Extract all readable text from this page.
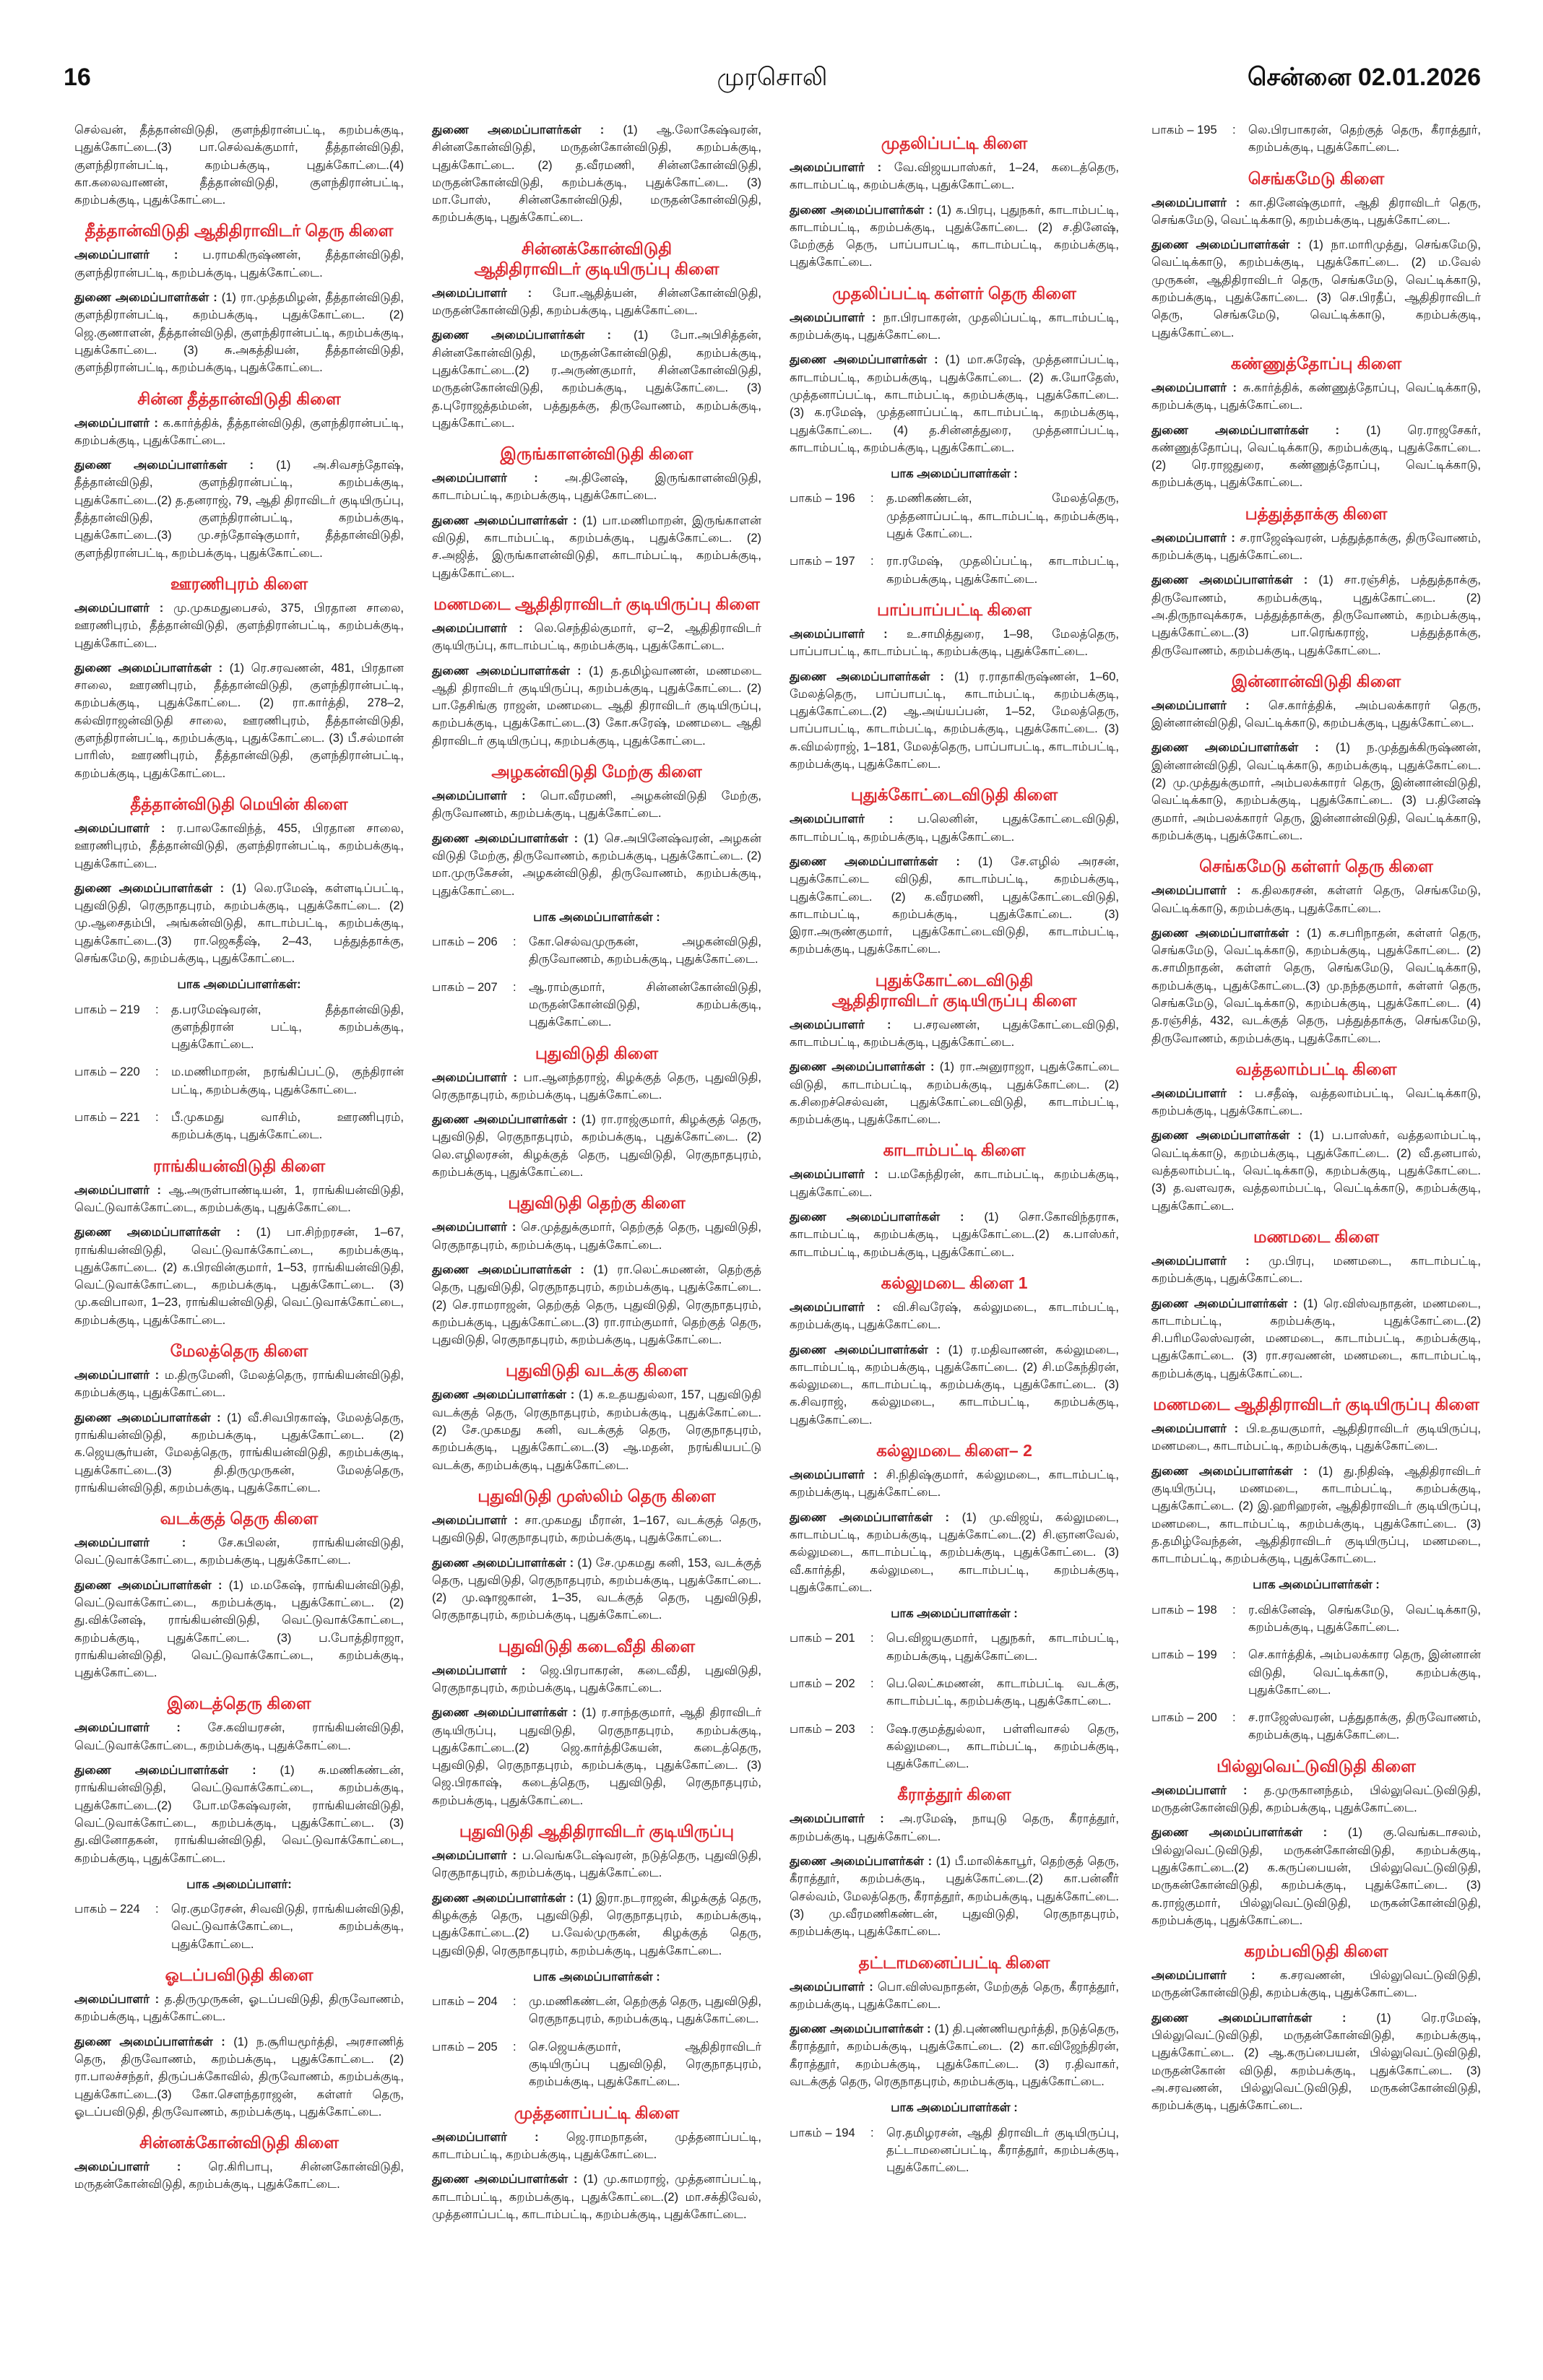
16	முரசொலி	சென்னை 02.01.2026
செல்வன், தீத்தான்விடுதி, குளந்திரான்பட்டி, கறம்பக்குடி, புதுக்கோட்டை.(3) பா.செல்வக்குமார், தீத்தான்விடுதி, குளந்திரான்பட்டி, கறம்பக்குடி, புதுக்கோட்டை.(4) கா.கலைவாணன், தீத்தான்விடுதி, குளந்திரான்பட்டி, கறம்பக்குடி, புதுக்கோட்டை.
தீத்தான்விடுதி ஆதிதிராவிடர் தெரு கிளை
அமைப்பாளர் : ப.ராமகிருஷ்ணன், தீத்தான்விடுதி, குளந்திரான்பட்டி, கறம்பக்குடி, புதுக்கோட்டை.
துணை அமைப்பாளர்கள் : (1) ரா.முத்தமிழன், தீத்தான்விடுதி, குளந்திரான்பட்டி, கறம்பக்குடி, புதுக்கோட்டை. (2) ஜெ.குணாளன், தீத்தான்விடுதி, குளந்திரான்பட்டி, கறம்பக்குடி, புதுக்கோட்டை. (3) சு.அகத்தியன், தீத்தான்விடுதி, குளந்திரான்பட்டி, கறம்பக்குடி, புதுக்கோட்டை.
சின்ன தீத்தான்விடுதி கிளை
அமைப்பாளர் : க.கார்த்திக், தீத்தான்விடுதி, குளந்திரான்பட்டி, கறம்பக்குடி, புதுக்கோட்டை.
துணை அமைப்பாளர்கள் : (1) அ.சிவசந்தோஷ், தீத்தான்விடுதி, குளந்திரான்பட்டி, கறம்பக்குடி, புதுக்கோட்டை.(2) த.தனராஜ், 79, ஆதி திராவிடர் குடியிருப்பு, தீத்தான்விடுதி, குளந்திரான்பட்டி, கறம்பக்குடி, புதுக்கோட்டை.(3) மு.சந்தோஷ்குமார், தீத்தான்விடுதி, குளந்திரான்பட்டி, கறம்பக்குடி, புதுக்கோட்டை.
ஊரணிபுரம் கிளை
அமைப்பாளர் : மு.முகமதுபைசல், 375, பிரதான சாலை, ஊரணிபுரம், தீத்தான்விடுதி, குளந்திரான்பட்டி, கறம்பக்குடி, புதுக்கோட்டை.
துணை அமைப்பாளர்கள் : (1) ரெ.சரவணன், 481, பிரதான சாலை, ஊரணிபுரம், தீத்தான்விடுதி, குளந்திரான்பட்டி, கறம்பக்குடி, புதுக்கோட்டை. (2) ரா.கார்த்தி, 278–2, கல்விராஜன்விடுதி சாலை, ஊரணிபுரம், தீத்தான்விடுதி, குளந்திரான்பட்டி, கறம்பக்குடி, புதுக்கோட்டை. (3) பீ.சல்மான் பாரிஸ், ஊரணிபுரம், தீத்தான்விடுதி, குளந்திரான்பட்டி, கறம்பக்குடி, புதுக்கோட்டை.
தீத்தான்விடுதி மெயின் கிளை
அமைப்பாளர் : ர.பாலகோவிந்த், 455, பிரதான சாலை, ஊரணிபுரம், தீத்தான்விடுதி, குளந்திரான்பட்டி, கறம்பக்குடி, புதுக்கோட்டை.
துணை அமைப்பாளர்கள் : (1) லெ.ரமேஷ், கள்ளடிப்பட்டி, புதுவிடுதி, ரெகுநாதபுரம், கறம்பக்குடி, புதுக்கோட்டை. (2) மு.ஆசைதம்பி, அங்கன்விடுதி, காடாம்பட்டி, கறம்பக்குடி, புதுக்கோட்டை.(3) ரா.ஜெகதீஷ், 2–43, பத்துத்தாக்கு, செங்கமேடு, கறம்பக்குடி, புதுக்கோட்டை.
பாக அமைப்பாளர்கள்:
பாகம் – 219	:	த.பரமேஷ்வரன், தீத்தான்விடுதி, குளந்திரான் பட்டி, கறம்பக்குடி, புதுக்கோட்டை.
பாகம் – 220	:	ம.மணிமாறன், நரங்கிப்பட்டு, குந்திரான் பட்டி, கறம்பக்குடி, புதுக்கோட்டை.
பாகம் – 221	:	பீ.முகமது வாசிம், ஊரணிபுரம், கறம்பக்குடி, புதுக்கோட்டை.
ராங்கியன்விடுதி கிளை
அமைப்பாளர் : ஆ.அருள்பாண்டியன், 1, ராங்கியன்விடுதி, வெட்டுவாக்கோட்டை, கறம்பக்குடி, புதுக்கோட்டை.
துணை அமைப்பாளர்கள் : (1) பா.சிற்றரசன், 1–67, ராங்கியன்விடுதி, வெட்டுவாக்கோட்டை, கறம்பக்குடி, புதுக்கோட்டை. (2) க.பிரவின்குமார், 1–53, ராங்கியன்விடுதி, வெட்டுவாக்கோட்டை, கறம்பக்குடி, புதுக்கோட்டை. (3) மு.கவிபாலா, 1–23, ராங்கியன்விடுதி, வெட்டுவாக்கோட்டை, கறம்பக்குடி, புதுக்கோட்டை.
மேலத்தெரு கிளை
அமைப்பாளர் : ம.திருமேனி, மேலத்தெரு, ராங்கியன்விடுதி, கறம்பக்குடி, புதுக்கோட்டை.
துணை அமைப்பாளர்கள் : (1) வீ.சிவபிரகாஷ், மேலத்தெரு, ராங்கியன்விடுதி, கறம்பக்குடி, புதுக்கோட்டை. (2) க.ஜெயசூர்யன், மேலத்தெரு, ராங்கியன்விடுதி, கறம்பக்குடி, புதுக்கோட்டை.(3) தி.திருமுருகன், மேலத்தெரு, ராங்கியன்விடுதி, கறம்பக்குடி, புதுக்கோட்டை.
வடக்குத் தெரு கிளை
அமைப்பாளர் :	சே.கபிலன், ராங்கியன்விடுதி, வெட்டுவாக்கோட்டை, கறம்பக்குடி, புதுக்கோட்டை.
துணை அமைப்பாளர்கள் : (1) ம.மகேஷ், ராங்கியன்விடுதி, வெட்டுவாக்கோட்டை, கறம்பக்குடி, புதுக்கோட்டை. (2) து.விக்னேஷ், ராங்கியன்விடுதி, வெட்டுவாக்கோட்டை, கறம்பக்குடி, புதுக்கோட்டை. (3) ப.போத்திராஜா, ராங்கியன்விடுதி, வெட்டுவாக்கோட்டை, கறம்பக்குடி, புதுக்கோட்டை.
இடைத்தெரு கிளை
அமைப்பாளர் : சே.கவியரசன், ராங்கியன்விடுதி, வெட்டுவாக்கோட்டை, கறம்பக்குடி, புதுக்கோட்டை.
துணை அமைப்பாளர்கள் : (1) சு.மணிகண்டன், ராங்கியன்விடுதி, வெட்டுவாக்கோட்டை, கறம்பக்குடி, புதுக்கோட்டை.(2) போ.மகேஷ்வரன், ராங்கியன்விடுதி, வெட்டுவாக்கோட்டை, கறம்பக்குடி, புதுக்கோட்டை. (3) து.வினோதகன், ராங்கியன்விடுதி, வெட்டுவாக்கோட்டை, கறம்பக்குடி, புதுக்கோட்டை.
பாக அமைப்பாளர்:
பாகம் – 224	:	ரெ.குமரேசன், சிவவிடுதி, ராங்கியன்விடுதி, வெட்டுவாக்கோட்டை, கறம்பக்குடி, புதுக்கோட்டை.
ஓடப்பவிடுதி கிளை
அமைப்பாளர் : த.திருமுருகன், ஓடப்பவிடுதி, திருவோணம், கறம்பக்குடி, புதுக்கோட்டை.
துணை அமைப்பாளர்கள் : (1) ந.சூரியமூர்த்தி, அரசாணித் தெரு, திருவோணம், கறம்பக்குடி, புதுக்கோட்டை. (2) ரா.பாலச்சந்தர், திருப்பக்கோவில், திருவோணம், கறம்பக்குடி, புதுக்கோட்டை.(3) கோ.சௌந்தராஜன், கள்ளர் தெரு, ஓடப்பவிடுதி, திருவோணம், கறம்பக்குடி, புதுக்கோட்டை.
சின்னக்கோன்விடுதி கிளை
அமைப்பாளர் : ரெ.கிரிபாபு, சின்னகோன்விடுதி, மருதன்கோன்விடுதி, கறம்பக்குடி, புதுக்கோட்டை.
துணை அமைப்பாளர்கள் : (1) ஆ.லோகேஷ்வரன், சின்னகோன்விடுதி, மருதன்கோன்விடுதி, கறம்பக்குடி, புதுக்கோட்டை. (2) த.வீரமணி, சின்னகோன்விடுதி, மருதன்கோன்விடுதி, கறம்பக்குடி, புதுக்கோட்டை. (3) மா.போஸ், சின்னகோன்விடுதி, மருதன்கோன்விடுதி, கறம்பக்குடி, புதுக்கோட்டை.
சின்னக்கோன்விடுதி
ஆதிதிராவிடர் குடியிருப்பு கிளை
அமைப்பாளர் : போ.ஆதித்யன், சின்னகோன்விடுதி, மருதன்கோன்விடுதி, கறம்பக்குடி, புதுக்கோட்டை.
துணை அமைப்பாளர்கள் : (1) போ.அபிசித்தன், சின்னகோன்விடுதி, மருதன்கோன்விடுதி, கறம்பக்குடி, புதுக்கோட்டை.(2) ர.அருண்குமார், சின்னகோன்விடுதி, மருதன்கோன்விடுதி, கறம்பக்குடி, புதுக்கோட்டை. (3) த.புரோஜத்தம்மன், பத்துதக்கு, திருவோணம், கறம்பக்குடி, புதுக்கோட்டை.
இருங்காளன்விடுதி கிளை
அமைப்பாளர் : அ.தினேஷ், இருங்காளன்விடுதி, காடாம்பட்டி, கறம்பக்குடி, புதுக்கோட்டை.
துணை அமைப்பாளர்கள் : (1) பா.மணிமாறன், இருங்காளன் விடுதி, காடாம்பட்டி, கறம்பக்குடி, புதுக்கோட்டை. (2) ச.அஜித், இருங்காளன்விடுதி, காடாம்பட்டி, கறம்பக்குடி, புதுக்கோட்டை.
மணமடை ஆதிதிராவிடர் குடியிருப்பு கிளை
அமைப்பாளர் : லெ.செந்தில்குமார், ஏ–2, ஆதிதிராவிடர் குடியிருப்பு, காடாம்பட்டி, கறம்பக்குடி, புதுக்கோட்டை.
துணை அமைப்பாளர்கள் : (1) த.தமிழ்வாணன், மணமடை ஆதி திராவிடர் குடியிருப்பு, கறம்பக்குடி, புதுக்கோட்டை. (2) பா.தேசிங்கு ராஜன், மணமடை ஆதி திராவிடர் குடியிருப்பு, கறம்பக்குடி, புதுக்கோட்டை.(3) கோ.சுரேஷ், மணமடை ஆதி திராவிடர் குடியிருப்பு, கறம்பக்குடி, புதுக்கோட்டை.
அழகன்விடுதி மேற்கு கிளை
அமைப்பாளர் : பொ.வீரமணி, அழகன்விடுதி மேற்கு, திருவோணம், கறம்பக்குடி, புதுக்கோட்டை.
துணை அமைப்பாளர்கள் : (1) செ.அபினேஷ்வரன், அழகன் விடுதி மேற்கு, திருவோணம், கறம்பக்குடி, புதுக்கோட்டை. (2) மா.முருகேசன், அழகன்விடுதி, திருவோணம், கறம்பக்குடி, புதுக்கோட்டை.
பாக அமைப்பாளர்கள் :
பாகம் – 206	:	கோ.செல்வமுருகன், அழகன்விடுதி, திருவோணம், கறம்பக்குடி, புதுக்கோட்டை.
பாகம் – 207	:	ஆ.ராம்குமார், சின்னன்கோன்விடுதி, மருதன்கோன்விடுதி, கறம்பக்குடி, புதுக்கோட்டை.
புதுவிடுதி கிளை
அமைப்பாளர் : பா.ஆனந்தராஜ், கிழக்குத் தெரு, புதுவிடுதி, ரெகுநாதபுரம், கறம்பக்குடி, புதுக்கோட்டை.
துணை அமைப்பாளர்கள் : (1) ரா.ராஜ்குமார், கிழக்குத் தெரு, புதுவிடுதி, ரெகுநாதபுரம், கறம்பக்குடி, புதுக்கோட்டை. (2) லெ.எழிலரசன், கிழக்குத் தெரு, புதுவிடுதி, ரெகுநாதபுரம், கறம்பக்குடி, புதுக்கோட்டை.
புதுவிடுதி தெற்கு கிளை
அமைப்பாளர் : செ.முத்துக்குமார், தெற்குத் தெரு, புதுவிடுதி, ரெகுநாதபுரம், கறம்பக்குடி, புதுக்கோட்டை.
துணை அமைப்பாளர்கள் : (1) ரா.லெட்சுமணன், தெற்குத் தெரு, புதுவிடுதி, ரெகுநாதபுரம், கறம்பக்குடி, புதுக்கோட்டை. (2) செ.ராமராஜன், தெற்குத் தெரு, புதுவிடுதி, ரெகுநாதபுரம், கறம்பக்குடி, புதுக்கோட்டை.(3) ரா.ராம்குமார், தெற்குத் தெரு, புதுவிடுதி, ரெகுநாதபுரம், கறம்பக்குடி, புதுக்கோட்டை.
புதுவிடுதி வடக்கு கிளை
துணை அமைப்பாளர்கள் : (1) க.உதயதுல்லா, 157, புதுவிடுதி வடக்குத் தெரு, ரெகுநாதபுரம், கறம்பக்குடி, புதுக்கோட்டை. (2) சே.முகமது கனி, வடக்குத் தெரு, ரெகுநாதபுரம், கறம்பக்குடி, புதுக்கோட்டை.(3) ஆ.மதன், நரங்கியபட்டு வடக்கு, கறம்பக்குடி, புதுக்கோட்டை.
புதுவிடுதி முஸ்லிம் தெரு கிளை
அமைப்பாளர் : சா.முகமது மீரான், 1–167, வடக்குத் தெரு, புதுவிடுதி, ரெகுநாதபுரம், கறம்பக்குடி, புதுக்கோட்டை.
துணை அமைப்பாளர்கள் : (1) சே.முகமது கனி, 153, வடக்குத் தெரு, புதுவிடுதி, ரெகுநாதபுரம், கறம்பக்குடி, புதுக்கோட்டை. (2) மு.ஷாஜகான், 1–35, வடக்குத் தெரு, புதுவிடுதி, ரெகுநாதபுரம், கறம்பக்குடி, புதுக்கோட்டை.
புதுவிடுதி கடைவீதி கிளை
அமைப்பாளர் : ஜெ.பிரபாகரன், கடைவீதி, புதுவிடுதி, ரெகுநாதபுரம், கறம்பக்குடி, புதுக்கோட்டை.
துணை அமைப்பாளர்கள் : (1) ர.சாந்தகுமார், ஆதி திராவிடர் குடியிருப்பு, புதுவிடுதி, ரெகுநாதபுரம், கறம்பக்குடி, புதுக்கோட்டை.(2) ஜெ.கார்த்திகேயன், கடைத்தெரு, புதுவிடுதி, ரெகுநாதபுரம், கறம்பக்குடி, புதுக்கோட்டை. (3) ஜெ.பிரகாஷ், கடைத்தெரு, புதுவிடுதி, ரெகுநாதபுரம், கறம்பக்குடி, புதுக்கோட்டை.
புதுவிடுதி ஆதிதிராவிடர் குடியிருப்பு
அமைப்பாளர் : ப.வெங்கடேஷ்வரன், நடுத்தெரு, புதுவிடுதி, ரெகுநாதபுரம், கறம்பக்குடி, புதுக்கோட்டை.
துணை அமைப்பாளர்கள் : (1) இரா.நடராஜன், கிழக்குத் தெரு, கிழக்குத் தெரு, புதுவிடுதி, ரெகுநாதபுரம், கறம்பக்குடி, புதுக்கோட்டை.(2) ப.வேல்முருகன், கிழக்குத் தெரு, புதுவிடுதி, ரெகுநாதபுரம், கறம்பக்குடி, புதுக்கோட்டை.
பாக அமைப்பாளர்கள் :
பாகம் – 204	:	மு.மணிகண்டன், தெற்குத் தெரு, புதுவிடுதி, ரெகுநாதபுரம், கறம்பக்குடி, புதுக்கோட்டை.
பாகம் – 205	:	செ.ஜெயக்குமார், ஆதிதிராவிடர் குடியிருப்பு புதுவிடுதி, ரெகுநாதபுரம், கறம்பக்குடி, புதுக்கோட்டை.
முத்தனாப்பட்டி கிளை
அமைப்பாளர் : ஜெ.ராமநாதன், முத்தனாப்பட்டி, காடாம்பட்டி, கறம்பக்குடி, புதுக்கோட்டை.
துணை அமைப்பாளர்கள் : (1) மு.காமராஜ், முத்தனாப்பட்டி, காடாம்பட்டி, கறம்பக்குடி, புதுக்கோட்டை.(2) மா.சக்திவேல், முத்தனாப்பட்டி, காடாம்பட்டி, கறம்பக்குடி, புதுக்கோட்டை.
முதலிப்பட்டி கிளை
அமைப்பாளர் : வே.விஜயபாஸ்கர், 1–24, கடைத்தெரு, காடாம்பட்டி, கறம்பக்குடி, புதுக்கோட்டை.
துணை அமைப்பாளர்கள் : (1) க.பிரபு, புதுநகர், காடாம்பட்டி, காடாம்பட்டி, கறம்பக்குடி, புதுக்கோட்டை. (2) ச.தினேஷ், மேற்குத் தெரு, பாப்பாபட்டி, காடாம்பட்டி, கறம்பக்குடி, புதுக்கோட்டை.
முதலிப்பட்டி கள்ளர் தெரு கிளை
அமைப்பாளர் : நா.பிரபாகரன், முதலிப்பட்டி, காடாம்பட்டி, கறம்பக்குடி, புதுக்கோட்டை.
துணை அமைப்பாளர்கள் : (1) மா.சுரேஷ், முத்தனாப்பட்டி, காடாம்பட்டி, கறம்பக்குடி, புதுக்கோட்டை. (2) சு.யோதேஸ், முத்தனாப்பட்டி, காடாம்பட்டி, கறம்பக்குடி, புதுக்கோட்டை. (3) க.ரமேஷ், முத்தனாப்பட்டி, காடாம்பட்டி, கறம்பக்குடி, புதுக்கோட்டை. (4) த.சின்னத்துரை, முத்தனாப்பட்டி, காடாம்பட்டி, கறம்பக்குடி, புதுக்கோட்டை.
பாக அமைப்பாளர்கள் :
பாகம் – 196	:	த.மணிகண்டன், மேலத்தெரு, முத்தனாப்பட்டி, காடாம்பட்டி, கறம்பக்குடி, புதுக் கோட்டை.
பாகம் – 197	:	ரா.ரமேஷ், முதலிப்பட்டி, காடாம்பட்டி, கறம்பக்குடி, புதுக்கோட்டை.
பாப்பாப்பட்டி கிளை
அமைப்பாளர் : உ.சாமித்துரை, 1–98, மேலத்தெரு, பாப்பாபட்டி, காடாம்பட்டி, கறம்பக்குடி, புதுக்கோட்டை.
துணை அமைப்பாளர்கள் : (1) ர.ராதாகிருஷ்ணன், 1–60, மேலத்தெரு, பாப்பாபட்டி, காடாம்பட்டி, கறம்பக்குடி, புதுக்கோட்டை.(2) ஆ.அய்யப்பன், 1–52, மேலத்தெரு, பாப்பாபட்டி, காடாம்பட்டி, கறம்பக்குடி, புதுக்கோட்டை. (3) சு.விமல்ராஜ், 1–181, மேலத்தெரு, பாப்பாபட்டி, காடாம்பட்டி, கறம்பக்குடி, புதுக்கோட்டை.
புதுக்கோட்டைவிடுதி கிளை
அமைப்பாளர் : ப.லெனின், புதுக்கோட்டைவிடுதி, காடாம்பட்டி, கறம்பக்குடி, புதுக்கோட்டை.
துணை அமைப்பாளர்கள் : (1) சே.எழில் அரசன், புதுக்கோட்டை விடுதி, காடாம்பட்டி, கறம்பக்குடி, புதுக்கோட்டை. (2) க.வீரமணி, புதுக்கோட்டைவிடுதி, காடாம்பட்டி, கறம்பக்குடி, புதுக்கோட்டை. (3) இரா.அருண்குமார், புதுக்கோட்டைவிடுதி, காடாம்பட்டி, கறம்பக்குடி, புதுக்கோட்டை.
புதுக்கோட்டைவிடுதி
ஆதிதிராவிடர் குடியிருப்பு கிளை
அமைப்பாளர் : ப.சரவணன், புதுக்கோட்டைவிடுதி, காடாம்பட்டி, கறம்பக்குடி, புதுக்கோட்டை.
துணை அமைப்பாளர்கள் : (1) ரா.அனுராஜா, புதுக்கோட்டை விடுதி, காடாம்பட்டி, கறம்பக்குடி, புதுக்கோட்டை. (2) க.சிறைச்செல்வன், புதுக்கோட்டைவிடுதி, காடாம்பட்டி, கறம்பக்குடி, புதுக்கோட்டை.
காடாம்பட்டி கிளை
அமைப்பாளர் : ப.மகேந்திரன், காடாம்பட்டி, கறம்பக்குடி, புதுக்கோட்டை.
துணை அமைப்பாளர்கள் : (1) சொ.கோவிந்தராசு, காடாம்பட்டி, கறம்பக்குடி, புதுக்கோட்டை.(2) க.பாஸ்கர், காடாம்பட்டி, கறம்பக்குடி, புதுக்கோட்டை.
கல்லுமடை கிளை 1
அமைப்பாளர் : வி.சிவரேஷ், கல்லுமடை, காடாம்பட்டி, கறம்பக்குடி, புதுக்கோட்டை.
துணை அமைப்பாளர்கள் : (1) ர.மதிவாணன், கல்லுமடை, காடாம்பட்டி, கறம்பக்குடி, புதுக்கோட்டை. (2) சி.மகேந்திரன், கல்லுமடை, காடாம்பட்டி, கறம்பக்குடி, புதுக்கோட்டை. (3) க.சிவராஜ், கல்லுமடை, காடாம்பட்டி, கறம்பக்குடி, புதுக்கோட்டை.
கல்லுமடை கிளை– 2
அமைப்பாளர் : சி.நிதிஷ்குமார், கல்லுமடை, காடாம்பட்டி, கறம்பக்குடி, புதுக்கோட்டை.
துணை அமைப்பாளர்கள் : (1) மு.விஜய், கல்லுமடை, காடாம்பட்டி, கறம்பக்குடி, புதுக்கோட்டை.(2) சி.ஞானவேல், கல்லுமடை, காடாம்பட்டி, கறம்பக்குடி, புதுக்கோட்டை. (3) வீ.கார்த்தி, கல்லுமடை, காடாம்பட்டி, கறம்பக்குடி, புதுக்கோட்டை.
பாக அமைப்பாளர்கள் :
பாகம் – 201	:	பெ.விஜயகுமார், புதுநகர், காடாம்பட்டி, கறம்பக்குடி, புதுக்கோட்டை.
பாகம் – 202	:	பெ.லெட்சுமணன், காடாம்பட்டி வடக்கு, காடாம்பட்டி, கறம்பக்குடி, புதுக்கோட்டை.
பாகம் – 203	:	ஷே.ரகுமத்துல்லா, பள்ளிவாசல் தெரு, கல்லுமடை, காடாம்பட்டி, கறம்பக்குடி, புதுக்கோட்டை.
கீராத்தூர் கிளை
அமைப்பாளர் : அ.ரமேஷ், நாயுடு தெரு, கீராத்தூர், கறம்பக்குடி, புதுக்கோட்டை.
துணை அமைப்பாளர்கள் : (1) பீ.மாலிக்காபூர், தெற்குத் தெரு, கீராத்தூர், கறம்பக்குடி, புதுக்கோட்டை.(2) கா.பன்னீர் செல்வம், மேலத்தெரு, கீராத்தூர், கறம்பக்குடி, புதுக்கோட்டை. (3) மு.வீரமணிகண்டன், புதுவிடுதி, ரெகுநாதபுரம், கறம்பக்குடி, புதுக்கோட்டை.
தட்டாமனைப்பட்டி கிளை
அமைப்பாளர் : பொ.விஸ்வநாதன், மேற்குத் தெரு, கீராத்தூர், கறம்பக்குடி, புதுக்கோட்டை.
துணை அமைப்பாளர்கள் : (1) தி.புண்ணியமூர்த்தி, நடுத்தெரு, கீராத்தூர், கறம்பக்குடி, புதுக்கோட்டை. (2) கா.விஜேந்திரன், கீராத்தூர், கறம்பக்குடி, புதுக்கோட்டை. (3) ர.திவாகர், வடக்குத் தெரு, ரெகுநாதபுரம், கறம்பக்குடி, புதுக்கோட்டை.
பாக அமைப்பாளர்கள் :
பாகம் – 194	:	ரெ.தமிழரசன், ஆதி திராவிடர் குடியிருப்பு, தட்டாமனைப்பட்டி, கீராத்தூர், கறம்பக்குடி, புதுக்கோட்டை.
பாகம் – 195	:	லெ.பிரபாகரன், தெற்குத் தெரு, கீராத்தூர், கறம்பக்குடி, புதுக்கோட்டை.
செங்கமேடு கிளை
அமைப்பாளர் : கா.தினேஷ்குமார், ஆதி திராவிடர் தெரு, செங்கமேடு, வெட்டிக்காடு, கறம்பக்குடி, புதுக்கோட்டை.
துணை அமைப்பாளர்கள் : (1) நா.மாரிமுத்து, செங்கமேடு, வெட்டிக்காடு, கறம்பக்குடி, புதுக்கோட்டை. (2) ம.வேல் முருகன், ஆதிதிராவிடர் தெரு, செங்கமேடு, வெட்டிக்காடு, கறம்பக்குடி, புதுக்கோட்டை. (3) செ.பிரதீப், ஆதிதிராவிடர் தெரு, செங்கமேடு, வெட்டிக்காடு, கறம்பக்குடி, புதுக்கோட்டை.
கண்ணுத்தோப்பு கிளை
அமைப்பாளர் : சு.கார்த்திக், கண்ணுத்தோப்பு, வெட்டிக்காடு, கறம்பக்குடி, புதுக்கோட்டை.
துணை அமைப்பாளர்கள் : (1) ரெ.ராஜசேகர், கண்ணுத்தோப்பு, வெட்டிக்காடு, கறம்பக்குடி, புதுக்கோட்டை. (2) ரெ.ராஜதுரை, கண்ணுத்தோப்பு, வெட்டிக்காடு, கறம்பக்குடி, புதுக்கோட்டை.
பத்துத்தாக்கு கிளை
அமைப்பாளர் : ச.ராஜேஷ்வரன், பத்துத்தாக்கு, திருவோணம், கறம்பக்குடி, புதுக்கோட்டை.
துணை அமைப்பாளர்கள் : (1) சா.ரஞ்சித், பத்துத்தாக்கு, திருவோணம், கறம்பக்குடி, புதுக்கோட்டை. (2) அ.திருநாவுக்கரசு, பத்துத்தாக்கு, திருவோணம், கறம்பக்குடி, புதுக்கோட்டை.(3) பா.ரெங்கராஜ், பத்துத்தாக்கு, திருவோணம், கறம்பக்குடி, புதுக்கோட்டை.
இன்னான்விடுதி கிளை
அமைப்பாளர் : செ.கார்த்திக், அம்பலக்காரர் தெரு, இன்னான்விடுதி, வெட்டிக்காடு, கறம்பக்குடி, புதுக்கோட்டை.
துணை அமைப்பாளர்கள் : (1) ந.முத்துக்கிருஷ்ணன், இன்னான்விடுதி, வெட்டிக்காடு, கறம்பக்குடி, புதுக்கோட்டை. (2) மு.முத்துக்குமார், அம்பலக்காரர் தெரு, இன்னான்விடுதி, வெட்டிக்காடு, கறம்பக்குடி, புதுக்கோட்டை. (3) ப.தினேஷ் குமார், அம்பலக்காரர் தெரு, இன்னான்விடுதி, வெட்டிக்காடு, கறம்பக்குடி, புதுக்கோட்டை.
செங்கமேடு கள்ளர் தெரு கிளை
அமைப்பாளர் : க.திலகரசன், கள்ளர் தெரு, செங்கமேடு, வெட்டிக்காடு, கறம்பக்குடி, புதுக்கோட்டை.
துணை அமைப்பாளர்கள் : (1) க.சபரிநாதன், கள்ளர் தெரு, செங்கமேடு, வெட்டிக்காடு, கறம்பக்குடி, புதுக்கோட்டை. (2) க.சாமிநாதன், கள்ளர் தெரு, செங்கமேடு, வெட்டிக்காடு, கறம்பக்குடி, புதுக்கோட்டை.(3) மு.நந்தகுமார், கள்ளர் தெரு, செங்கமேடு, வெட்டிக்காடு, கறம்பக்குடி, புதுக்கோட்டை. (4) த.ரஞ்சித், 432, வடக்குத் தெரு, பத்துத்தாக்கு, செங்கமேடு, திருவோணம், கறம்பக்குடி, புதுக்கோட்டை.
வத்தலாம்பட்டி கிளை
அமைப்பாளர் : ப.சதீஷ், வத்தலாம்பட்டி, வெட்டிக்காடு, கறம்பக்குடி, புதுக்கோட்டை.
துணை அமைப்பாளர்கள் : (1) ப.பாஸ்கர், வத்தலாம்பட்டி, வெட்டிக்காடு, கறம்பக்குடி, புதுக்கோட்டை. (2) வீ.தனபால், வத்தலாம்பட்டி, வெட்டிக்காடு, கறம்பக்குடி, புதுக்கோட்டை. (3) த.வளவரசு, வத்தலாம்பட்டி, வெட்டிக்காடு, கறம்பக்குடி, புதுக்கோட்டை.
மணமடை கிளை
அமைப்பாளர் : மு.பிரபு, மணமடை, காடாம்பட்டி, கறம்பக்குடி, புதுக்கோட்டை.
துணை அமைப்பாளர்கள் : (1) ரெ.விஸ்வநாதன், மணமடை, காடாம்பட்டி, கறம்பக்குடி, புதுக்கோட்டை.(2) சி.பரிமலேஸ்வரன், மணமடை, காடாம்பட்டி, கறம்பக்குடி, புதுக்கோட்டை. (3) ரா.சரவணன், மணமடை, காடாம்பட்டி, கறம்பக்குடி, புதுக்கோட்டை.
மணமடை ஆதிதிராவிடர் குடியிருப்பு கிளை
அமைப்பாளர் : பி.உதயகுமார், ஆதிதிராவிடர் குடியிருப்பு, மணமடை, காடாம்பட்டி, கறம்பக்குடி, புதுக்கோட்டை.
துணை அமைப்பாளர்கள் : (1) து.நிதிஷ், ஆதிதிராவிடர் குடியிருப்பு, மணமடை, காடாம்பட்டி, கறம்பக்குடி, புதுக்கோட்டை. (2) இ.ஹரிஹரன், ஆதிதிராவிடர் குடியிருப்பு, மணமடை, காடாம்பட்டி, கறம்பக்குடி, புதுக்கோட்டை. (3) த.தமிழ்வேந்தன், ஆதிதிராவிடர் குடியிருப்பு, மணமடை, காடாம்பட்டி, கறம்பக்குடி, புதுக்கோட்டை.
பாக அமைப்பாளர்கள் :
பாகம் – 198	:	ர.விக்னேஷ், செங்கமேடு, வெட்டிக்காடு, கறம்பக்குடி, புதுக்கோட்டை.
பாகம் – 199	:	செ.கார்த்திக், அம்பலக்கார தெரு, இன்னான் விடுதி, வெட்டிக்காடு, கறம்பக்குடி, புதுக்கோட்டை.
பாகம் – 200	:	ச.ராஜேஸ்வரன், பத்துதாக்கு, திருவோணம், கறம்பக்குடி, புதுக்கோட்டை.
பில்லுவெட்டுவிடுதி கிளை
அமைப்பாளர் : த.முருகானந்தம், பில்லுவெட்டுவிடுதி, மருதன்கோன்விடுதி, கறம்பக்குடி, புதுக்கோட்டை.
துணை அமைப்பாளர்கள் : (1) கு.வெங்கடாசலம், பில்லுவெட்டுவிடுதி, மருகன்கோன்விடுதி, கறம்பக்குடி, புதுக்கோட்டை.(2) க.கருப்பையன், பில்லுவெட்டுவிடுதி, மருகன்கோன்விடுதி, கறம்பக்குடி, புதுக்கோட்டை. (3) க.ராஜ்குமார், பில்லுவெட்டுவிடுதி, மருகன்கோன்விடுதி, கறம்பக்குடி, புதுக்கோட்டை.
கறம்பவிடுதி கிளை
அமைப்பாளர் : க.சரவணன், பில்லுவெட்டுவிடுதி, மருதன்கோன்விடுதி, கறம்பக்குடி, புதுக்கோட்டை.
துணை அமைப்பாளர்கள் :	(1) ரெ.ரமேஷ், பில்லுவெட்டுவிடுதி, மருதன்கோன்விடுதி, கறம்பக்குடி, புதுக்கோட்டை. (2) ஆ.கருப்பையன், பில்லுவெட்டுவிடுதி, மருதன்கோன் விடுதி, கறம்பக்குடி, புதுக்கோட்டை. (3) அ.சரவணன், பில்லுவெட்டுவிடுதி, மருகன்கோன்விடுதி, கறம்பக்குடி, புதுக்கோட்டை.
